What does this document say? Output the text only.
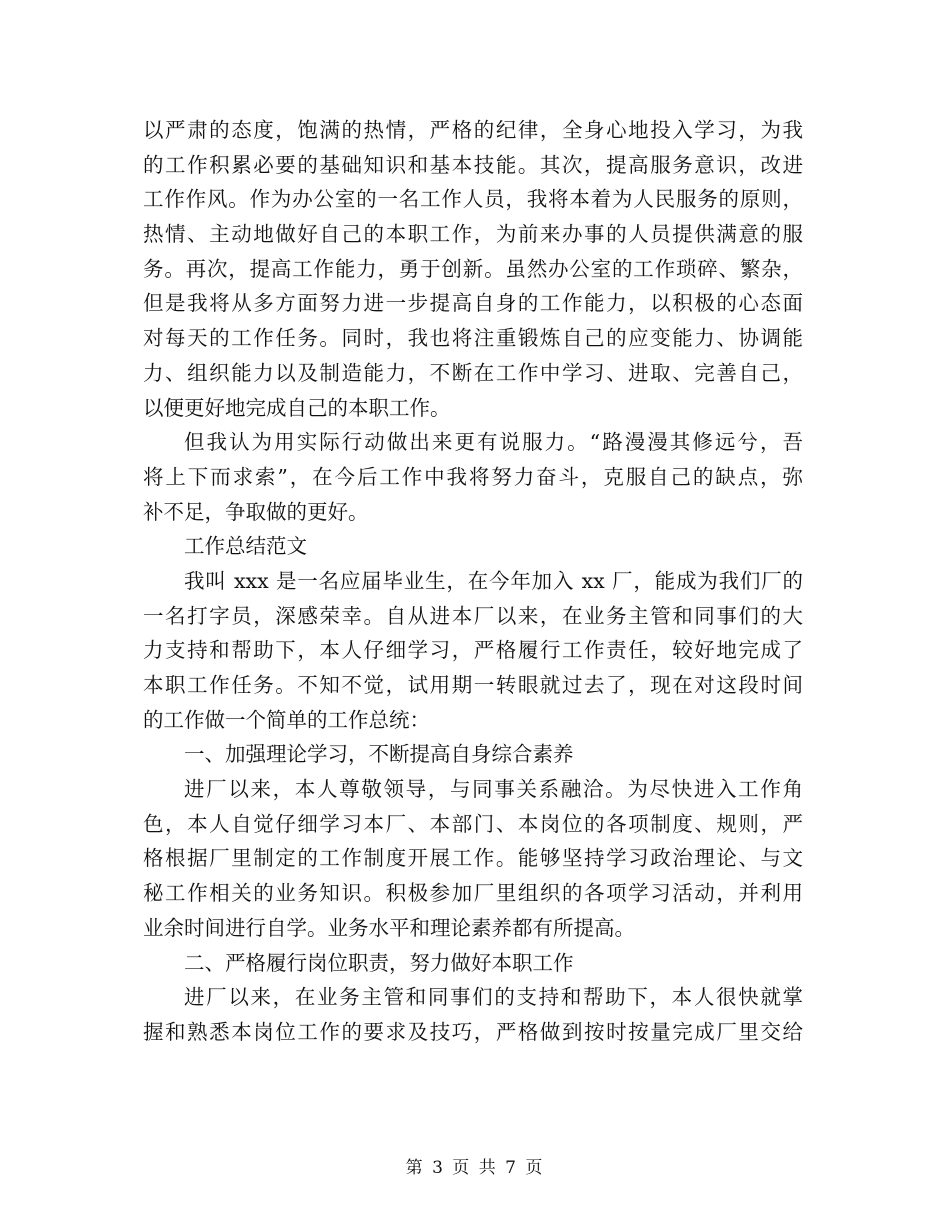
以严肃的态度，饱满的热情，严格的纪律，全身心地投入学习，为我
的工作积累必要的基础知识和基本技能。其次，提高服务意识，改进
工作作风。作为办公室的一名工作人员，我将本着为人民服务的原则，
热情、主动地做好自己的本职工作，为前来办事的人员提供满意的服
务。再次，提高工作能力，勇于创新。虽然办公室的工作琐碎、繁杂，
但是我将从多方面努力进一步提高自身的工作能力，以积极的心态面
对每天的工作任务。同时，我也将注重锻炼自己的应变能力、协调能
力、组织能力以及制造能力，不断在工作中学习、进取、完善自己，
以便更好地完成自己的本职工作。
但我认为用实际行动做出来更有说服力。“路漫漫其修远兮，吾
将上下而求索”，在今后工作中我将努力奋斗，克服自己的缺点，弥
补不足，争取做的更好。
工作总结范文
我叫 xxx 是一名应届毕业生，在今年加入 xx 厂，能成为我们厂的
一名打字员，深感荣幸。自从进本厂以来，在业务主管和同事们的大
力支持和帮助下，本人仔细学习，严格履行工作责任，较好地完成了
本职工作任务。不知不觉，试用期一转眼就过去了，现在对这段时间
的工作做一个简单的工作总统：
一、加强理论学习，不断提高自身综合素养
进厂以来，本人尊敬领导，与同事关系融洽。为尽快进入工作角
色，本人自觉仔细学习本厂、本部门、本岗位的各项制度、规则，严
格根据厂里制定的工作制度开展工作。能够坚持学习政治理论、与文
秘工作相关的业务知识。积极参加厂里组织的各项学习活动，并利用
业余时间进行自学。业务水平和理论素养都有所提高。
二、严格履行岗位职责，努力做好本职工作
进厂以来，在业务主管和同事们的支持和帮助下，本人很快就掌
握和熟悉本岗位工作的要求及技巧，严格做到按时按量完成厂里交给
第 3 页 共 7 页
